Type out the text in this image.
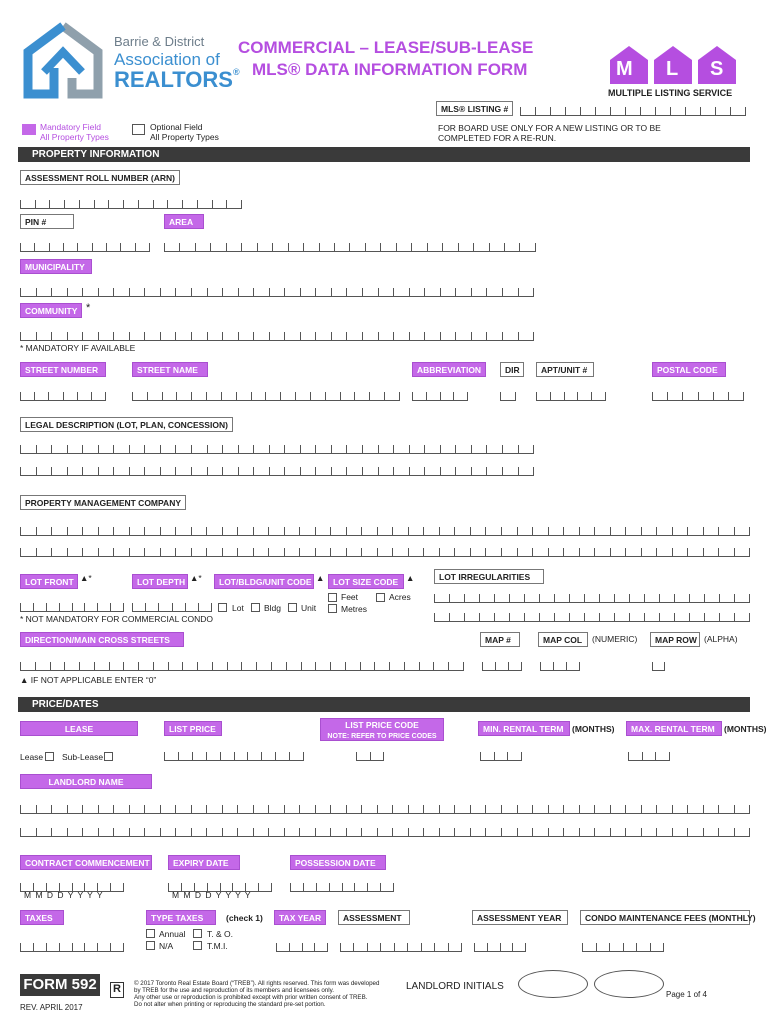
Barrie & District
Association of
REALTORS®
COMMERCIAL – LEASE/SUB-LEASE
MLS® DATA INFORMATION FORM	M L S
MULTIPLE LISTING SERVICE
Mandatory Field
All Property Types
Optional Field
All Property Types
MLS® LISTING #
FOR BOARD USE ONLY FOR A NEW LISTING OR TO BE
COMPLETED FOR A RE-RUN.
PROPERTY INFORMATION
ASSESSMENT ROLL NUMBER (ARN)
PIN #	AREA
MUNICIPALITY
COMMUNITY *
* MANDATORY IF AVAILABLE
STREET NUMBER	STREET NAME	ABBREVIATION	DIR	APT/UNIT #	POSTAL CODE
LEGAL DESCRIPTION (LOT, PLAN, CONCESSION)
PROPERTY MANAGEMENT COMPANY
LOT FRONT ▲*	LOT DEPTH ▲*	LOT/BLDG/UNIT CODE ▲	LOT SIZE CODE ▲	LOT IRREGULARITIES
Lot Bldg Unit
Feet
Metres
Acres
* NOT MANDATORY FOR COMMERCIAL CONDO
DIRECTION/MAIN CROSS STREETS	MAP #	MAP COL	(NUMERIC)	MAP ROW (ALPHA)
▲ IF NOT APPLICABLE ENTER “0”
PRICE/DATES
LEASE	LIST PRICE	LIST PRICE CODE
NOTE: REFER TO PRICE CODES
MIN. RENTAL TERM	(MONTHS)	MAX. RENTAL TERM	(MONTHS)
Lease Sub-Lease
LANDLORD NAME
CONTRACT COMMENCEMENT	EXPIRY DATE	POSSESSION DATE
M M D D Y Y Y Y	M M D D Y Y Y Y
TAXES	TYPE TAXES	(check 1)	TAX YEAR	ASSESSMENT	ASSESSMENT YEAR	CONDO MAINTENANCE FEES (MONTHLY)
Annual
N/A
T. & O.
T.M.I.
FORM 592
REV. APRIL 2017
R	© 2017 Toronto Real Estate Board (“TREB”). All rights reserved. This form was developed
by TREB for the use and reproduction of its members and licensees only.
Any other use or reproduction is prohibited except with prior written consent of TREB.
Do not alter when printing or reproducing the standard pre-set portion.
LANDLORD INITIALS
Page 1 of 4
